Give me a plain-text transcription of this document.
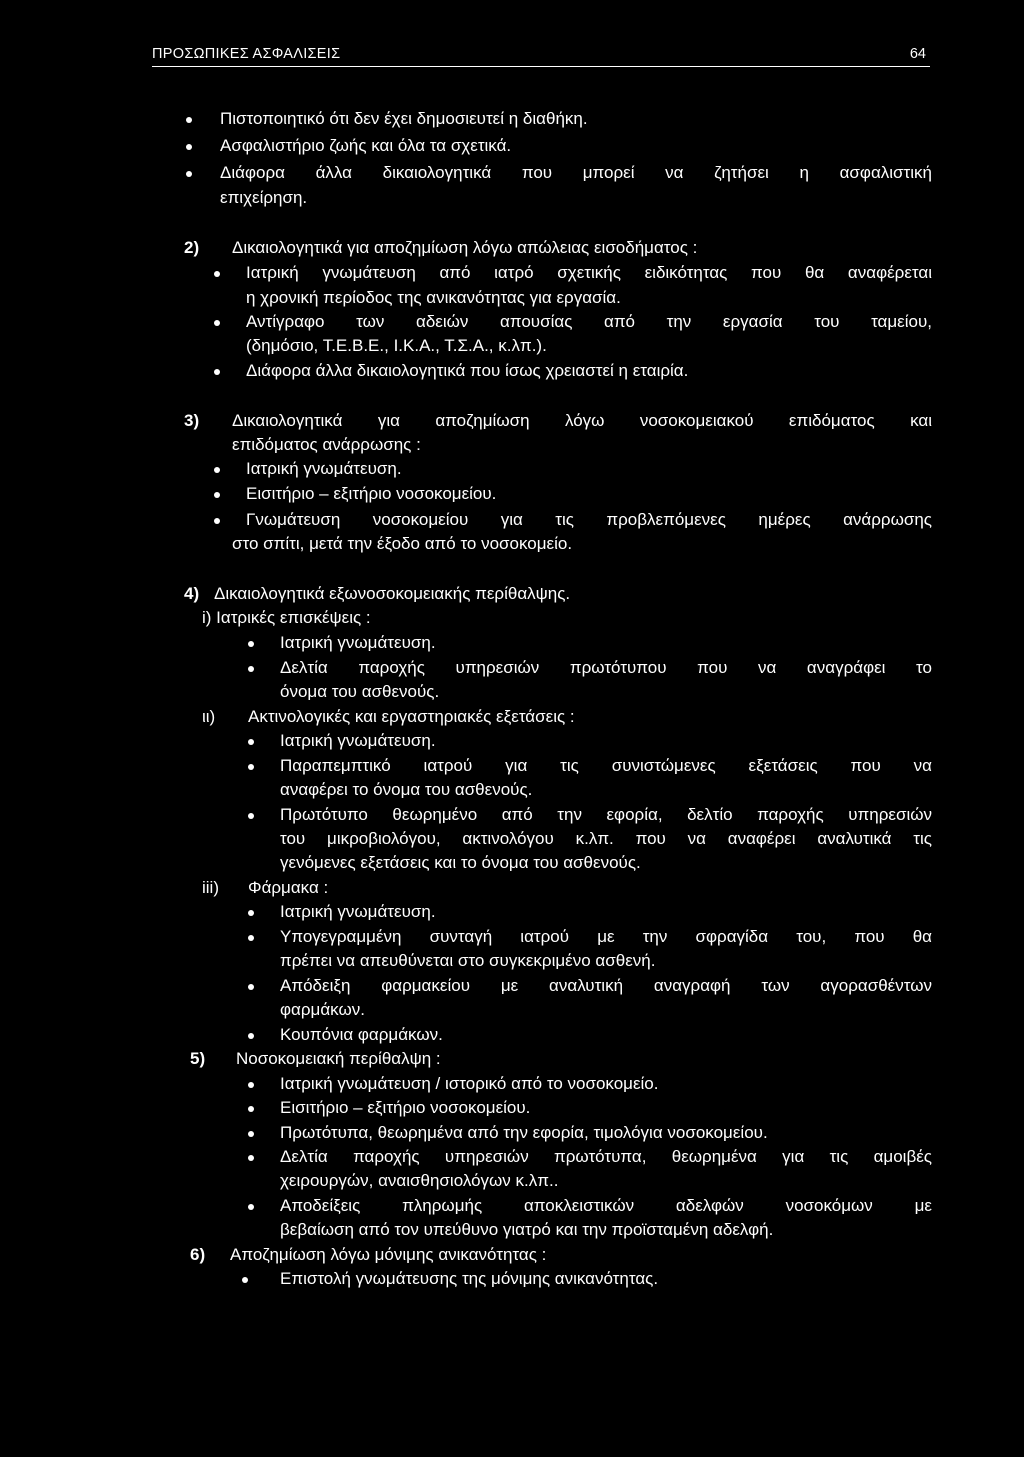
ΠΡΟΣΩΠΙΚΕΣ ΑΣΦΑΛΙΣΕΙΣ	64
Πιστοποιητικό ότι δεν έχει δημοσιευτεί η διαθήκη.
Ασφαλιστήριο ζωής και όλα τα σχετικά.
Διάφορα άλλα δικαιολογητικά που μπορεί να ζητήσει η ασφαλιστική
επιχείρηση.
2) Δικαιολογητικά για αποζημίωση λόγω απώλειας εισοδήματος :
Ιατρική γνωμάτευση από ιατρό σχετικής ειδικότητας που θα αναφέρεται
η χρονική περίοδος της ανικανότητας για εργασία.
Αντίγραφο των αδειών απουσίας από την εργασία του ταμείου,
(δημόσιο, Τ.Ε.Β.Ε., Ι.Κ.Α., Τ.Σ.Α., κ.λπ.).
Διάφορα άλλα δικαιολογητικά που ίσως χρειαστεί η εταιρία.
3) Δικαιολογητικά για αποζημίωση λόγω νοσοκομειακού επιδόματος και
επιδόματος ανάρρωσης :
Ιατρική γνωμάτευση.
Εισιτήριο – εξιτήριο νοσοκομείου.
Γνωμάτευση νοσοκομείου για τις προβλεπόμενες ημέρες ανάρρωσης
στο σπίτι, μετά την έξοδο από το νοσοκομείο.
4) Δικαιολογητικά εξωνοσοκομειακής περίθαλψης.
i) Ιατρικές επισκέψεις :
Ιατρική γνωμάτευση.
Δελτία παροχής υπηρεσιών πρωτότυπου που να αναγράφει το
όνομα του ασθενούς.
ιι) Ακτινολογικές και εργαστηριακές εξετάσεις :
Ιατρική γνωμάτευση.
Παραπεμπτικό ιατρού για τις συνιστώμενες εξετάσεις που να
αναφέρει το όνομα του ασθενούς.
Πρωτότυπο θεωρημένο από την εφορία, δελτίο παροχής υπηρεσιών
του μικροβιολόγου, ακτινολόγου κ.λπ. που να αναφέρει αναλυτικά τις
γενόμενες εξετάσεις και το όνομα του ασθενούς.
iii) Φάρμακα :
Ιατρική γνωμάτευση.
Υπογεγραμμένη συνταγή ιατρού με την σφραγίδα του, που θα
πρέπει να απευθύνεται στο συγκεκριμένο ασθενή.
Απόδειξη φαρμακείου με αναλυτική αναγραφή των αγορασθέντων
φαρμάκων.
Κουπόνια φαρμάκων.
5) Νοσοκομειακή περίθαλψη :
Ιατρική γνωμάτευση / ιστορικό από το νοσοκομείο.
Εισιτήριο – εξιτήριο νοσοκομείου.
Πρωτότυπα, θεωρημένα από την εφορία, τιμολόγια νοσοκομείου.
Δελτία παροχής υπηρεσιών πρωτότυπα, θεωρημένα για τις αμοιβές
χειρουργών, αναισθησιολόγων κ.λπ..
Αποδείξεις πληρωμής αποκλειστικών αδελφών νοσοκόμων με
βεβαίωση από τον υπεύθυνο γιατρό και την προϊσταμένη αδελφή.
6) Αποζημίωση λόγω μόνιμης ανικανότητας :
Επιστολή γνωμάτευσης της μόνιμης ανικανότητας.
